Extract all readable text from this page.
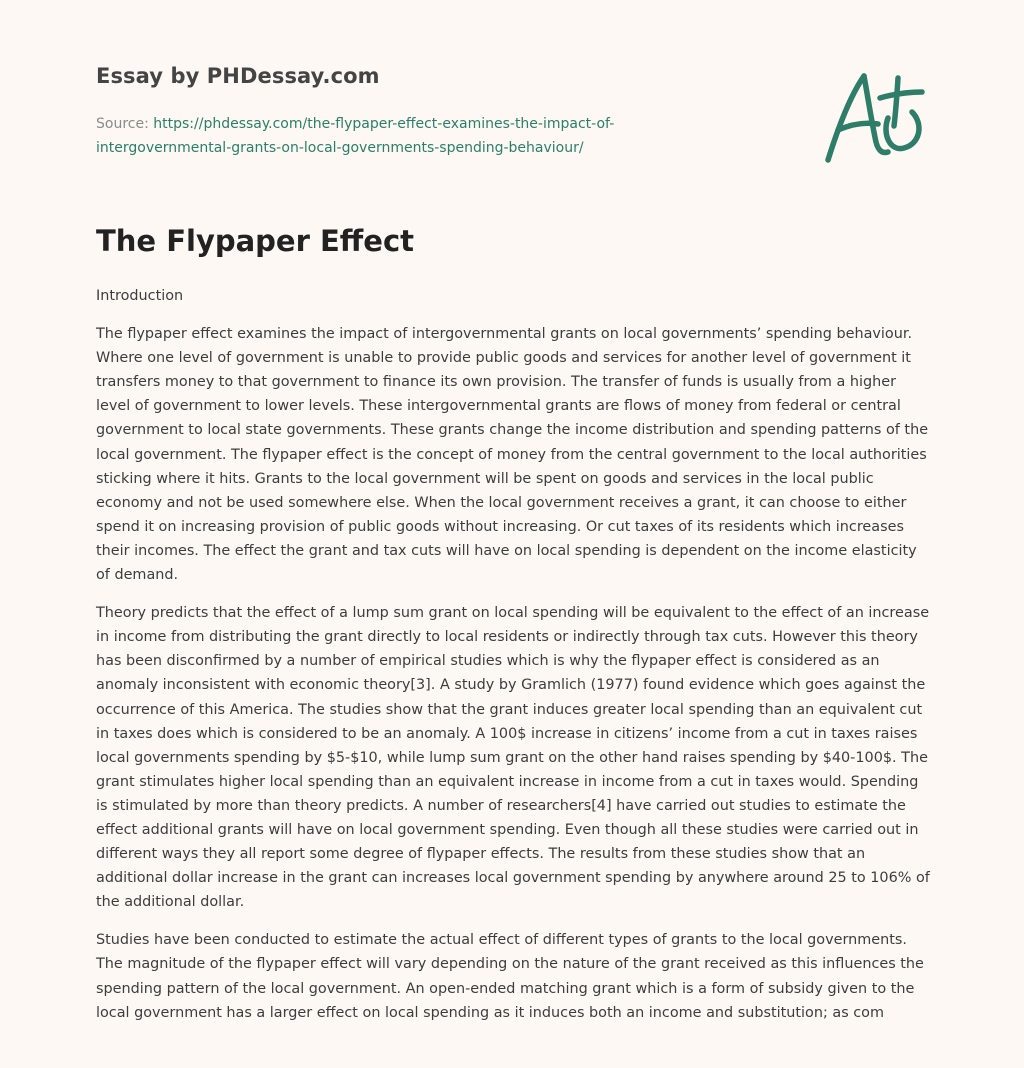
Essay by PHDessay.com
Source: https://phdessay.com/the-flypaper-effect-examines-the-impact-of-
intergovernmental-grants-on-local-governments-spending-behaviour/
The Flypaper Effect

Introduction

The flypaper effect examines the impact of intergovernmental grants on local governments’ spending behaviour. Where one level of government is unable to provide public goods and services for another level of government it transfers money to that government to finance its own provision. The transfer of funds is usually from a higher level of government to lower levels. These intergovernmental grants are flows of money from federal or central government to local state governments. These grants change the income distribution and spending patterns of the local government. The flypaper effect is the concept of money from the central government to the local authorities sticking where it hits. Grants to the local government will be spent on goods and services in the local public economy and not be used somewhere else. When the local government receives a grant, it can choose to either spend it on increasing provision of public goods without increasing. Or cut taxes of its residents which increases their incomes. The effect the grant and tax cuts will have on local spending is dependent on the income elasticity of demand.

Theory predicts that the effect of a lump sum grant on local spending will be equivalent to the effect of an increase in income from distributing the grant directly to local residents or indirectly through tax cuts. However this theory has been disconfirmed by a number of empirical studies which is why the flypaper effect is considered as an anomaly inconsistent with economic theory[3]. A study by Gramlich (1977) found evidence which goes against the occurrence of this America. The studies show that the grant induces greater local spending than an equivalent cut in taxes does which is considered to be an anomaly. A 100$ increase in citizens’ income from a cut in taxes raises local governments spending by $5-$10, while lump sum grant on the other hand raises spending by $40-100$. The grant stimulates higher local spending than an equivalent increase in income from a cut in taxes would. Spending is stimulated by more than theory predicts. A number of researchers[4] have carried out studies to estimate the effect additional grants will have on local government spending. Even though all these studies were carried out in different ways they all report some degree of flypaper effects. The results from these studies show that an additional dollar increase in the grant can increases local government spending by anywhere around 25 to 106% of the additional dollar.

Studies have been conducted to estimate the actual effect of different types of grants to the local governments. The magnitude of the flypaper effect will vary depending on the nature of the grant received as this influences the spending pattern of the local government. An open-ended matching grant which is a form of subsidy given to the local government has a larger effect on local spending as it induces both an income and substitution; as com
